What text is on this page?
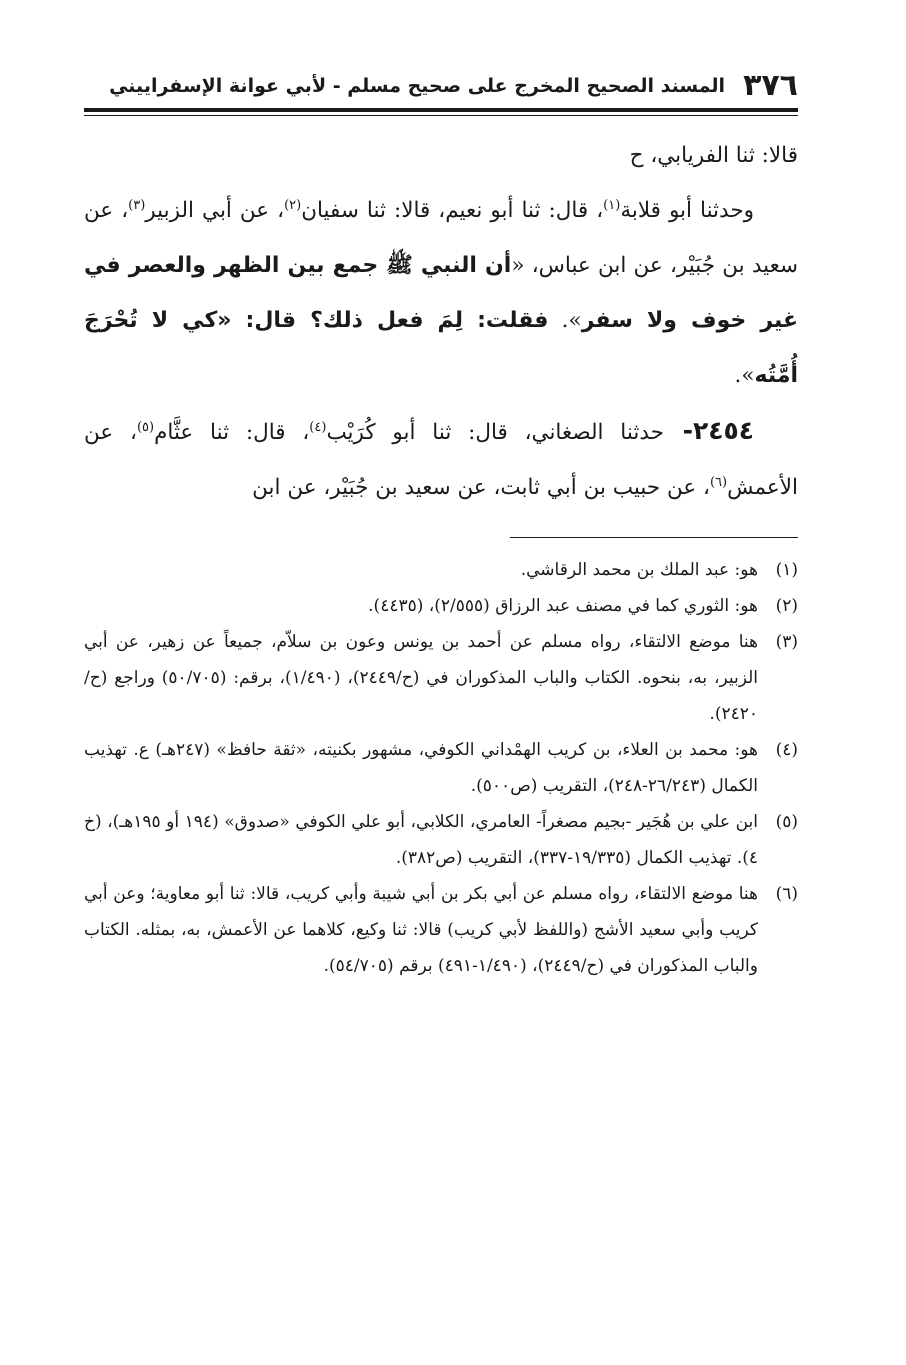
٣٧٦
المسند الصحيح المخرج على صحيح مسلم - لأبي عوانة الإسفراييني

قالا: ثنا الفريابي، ح

وحدثنا أبو قلابة$^{(١)}$، قال: ثنا أبو نعيم، قالا: ثنا سفيان$^{(٢)}$، عن أبي الزبير$^{(٣)}$، عن سعيد بن جُبَيْر، عن ابن عباس، «أن النبي ﷺ جمع بين الظهر والعصر في غير خوف ولا سفر». فقلت: لِمَ فعل ذلك؟ قال: «كي لا تُحْرَجَ أُمَّتُه».

٢٤٥٤- حدثنا الصغاني، قال: ثنا أبو كُرَيْب$^{(٤)}$، قال: ثنا عثَّام$^{(٥)}$، عن الأعمش$^{(٦)}$، عن حبيب بن أبي ثابت، عن سعيد بن جُبَيْر، عن ابن

(١)هو: عبد الملك بن محمد الرقاشي.

(٢)هو: الثوري كما في مصنف عبد الرزاق (٢/٥٥٥)، (٤٤٣٥).

(٣)هنا موضع الالتقاء، رواه مسلم عن أحمد بن يونس وعون بن سلاّم، جميعاً عن زهير، عن أبي الزبير، به، بنحوه. الكتاب والباب المذكوران في (ح/٢٤٤٩)، (١/٤٩٠)، برقم: (٥٠/٧٠٥) وراجع (ح/٢٤٢٠).

(٤)هو: محمد بن العلاء، بن كريب الهمْداني الكوفي، مشهور بكنيته، «ثقة حافظ» (٢٤٧هـ) ع. تهذيب الكمال (٢٦/٢٤٣-٢٤٨)، التقريب (ص٥٠٠).

(٥)ابن علي بن هُجَير -بجيم مصغراً- العامري، الكلابي، أبو علي الكوفي «صدوق» (١٩٤ أو ١٩٥هـ)، (خ ٤). تهذيب الكمال (١٩/٣٣٥-٣٣٧)، التقريب (ص٣٨٢).

(٦)هنا موضع الالتقاء، رواه مسلم عن أبي بكر بن أبي شيبة وأبي كريب، قالا: ثنا أبو معاوية؛ وعن أبي كريب وأبي سعيد الأشج (واللفظ لأبي كريب) قالا: ثنا وكيع، كلاهما عن الأعمش، به، بمثله. الكتاب والباب المذكوران في (ح/٢٤٤٩)، (١/٤٩٠-٤٩١) برقم (٥٤/٧٠٥).
